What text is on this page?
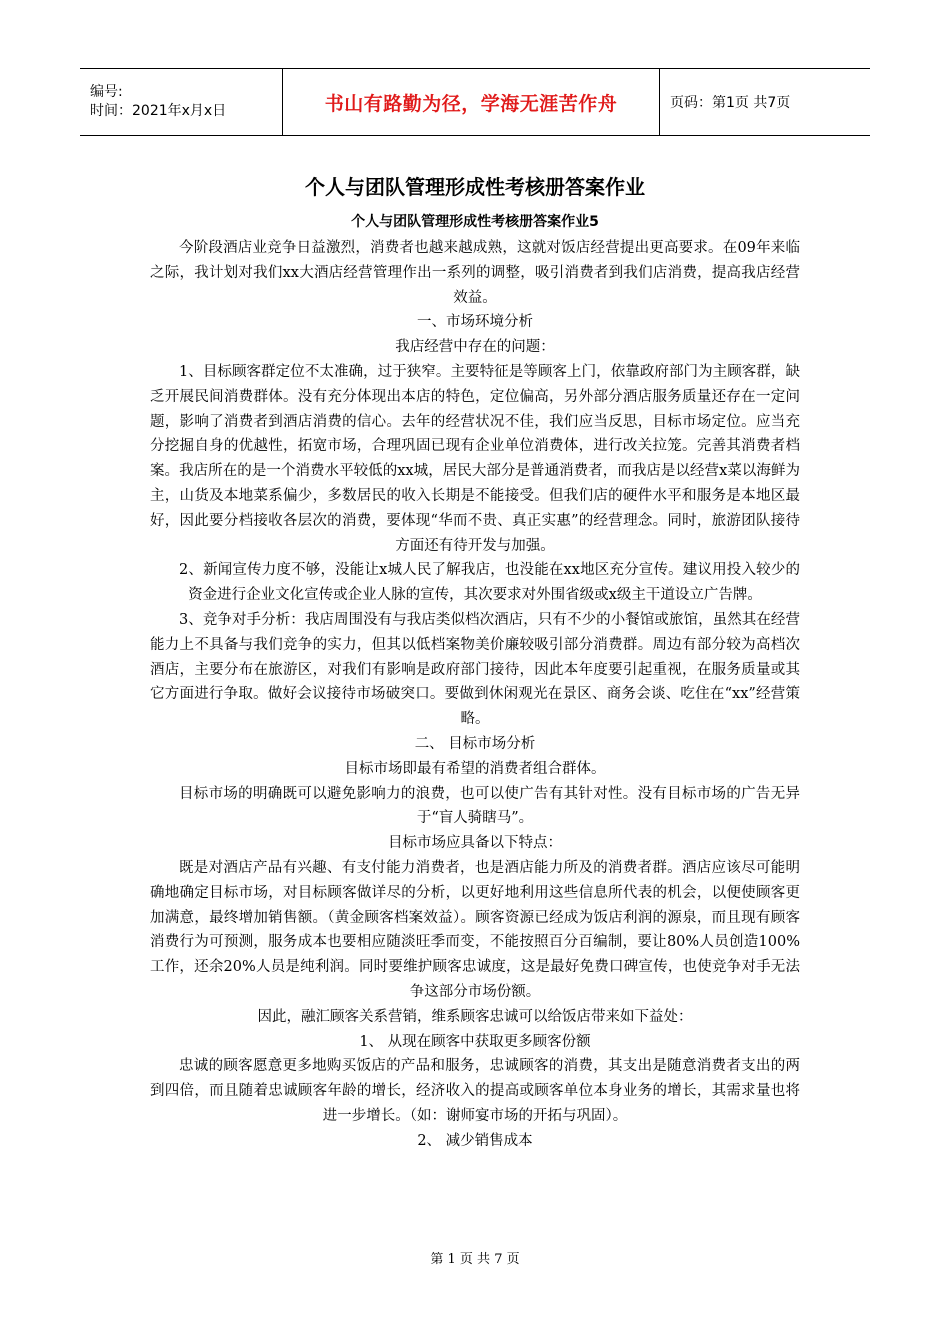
编号:
时间：2021年x月x日	书山有路勤为径，学海无涯苦作舟	页码：第1页 共7页
个人与团队管理形成性考核册答案作业
个人与团队管理形成性考核册答案作业5

今阶段酒店业竞争日益激烈，消费者也越来越成熟，这就对饭店经营提出更高要求。在09年来临之际，我计划对我们xx大酒店经营管理作出一系列的调整，吸引消费者到我们店消费，提高我店经营效益。

一、市场环境分析

我店经营中存在的问题：

1、目标顾客群定位不太准确，过于狭窄。主要特征是等顾客上门，依靠政府部门为主顾客群，缺乏开展民间消费群体。没有充分体现出本店的特色，定位偏高，另外部分酒店服务质量还存在一定问题，影响了消费者到酒店消费的信心。去年的经营状况不佳，我们应当反思，目标市场定位。应当充分挖掘自身的优越性，拓宽市场，合理巩固已现有企业单位消费体，进行改关拉笼。完善其消费者档案。我店所在的是一个消费水平较低的xx城，居民大部分是普通消费者，而我店是以经营x菜以海鲜为主，山货及本地菜系偏少，多数居民的收入长期是不能接受。但我们店的硬件水平和服务是本地区最好，因此要分档接收各层次的消费，要体现“华而不贵、真正实惠”的经营理念。同时，旅游团队接待方面还有待开发与加强。

2、新闻宣传力度不够，没能让x城人民了解我店，也没能在xx地区充分宣传。建议用投入较少的资金进行企业文化宣传或企业人脉的宣传，其次要求对外围省级或x级主干道设立广告牌。

3、竞争对手分析：我店周围没有与我店类似档次酒店，只有不少的小餐馆或旅馆，虽然其在经营能力上不具备与我们竞争的实力，但其以低档案物美价廉较吸引部分消费群。周边有部分较为高档次酒店，主要分布在旅游区，对我们有影响是政府部门接待，因此本年度要引起重视，在服务质量或其它方面进行争取。做好会议接待市场破突口。要做到休闲观光在景区、商务会谈、吃住在“xx”经营策略。

二、 目标市场分析

目标市场即最有希望的消费者组合群体。

目标市场的明确既可以避免影响力的浪费，也可以使广告有其针对性。没有目标市场的广告无异于“盲人骑瞎马”。

目标市场应具备以下特点：

既是对酒店产品有兴趣、有支付能力消费者，也是酒店能力所及的消费者群。酒店应该尽可能明确地确定目标市场，对目标顾客做详尽的分析，以更好地利用这些信息所代表的机会，以便使顾客更加满意，最终增加销售额。（黄金顾客档案效益）。顾客资源已经成为饭店利润的源泉，而且现有顾客消费行为可预测，服务成本也要相应随淡旺季而变，不能按照百分百编制，要让80%人员创造100%工作，还余20%人员是纯利润。同时要维护顾客忠诚度，这是最好免费口碑宣传，也使竞争对手无法争这部分市场份额。

因此，融汇顾客关系营销，维系顾客忠诚可以给饭店带来如下益处：

1、 从现在顾客中获取更多顾客份额

忠诚的顾客愿意更多地购买饭店的产品和服务，忠诚顾客的消费，其支出是随意消费者支出的两到四倍，而且随着忠诚顾客年龄的增长，经济收入的提高或顾客单位本身业务的增长，其需求量也将进一步增长。（如：谢师宴市场的开拓与巩固）。

2、 减少销售成本

第 1 页 共 7 页
